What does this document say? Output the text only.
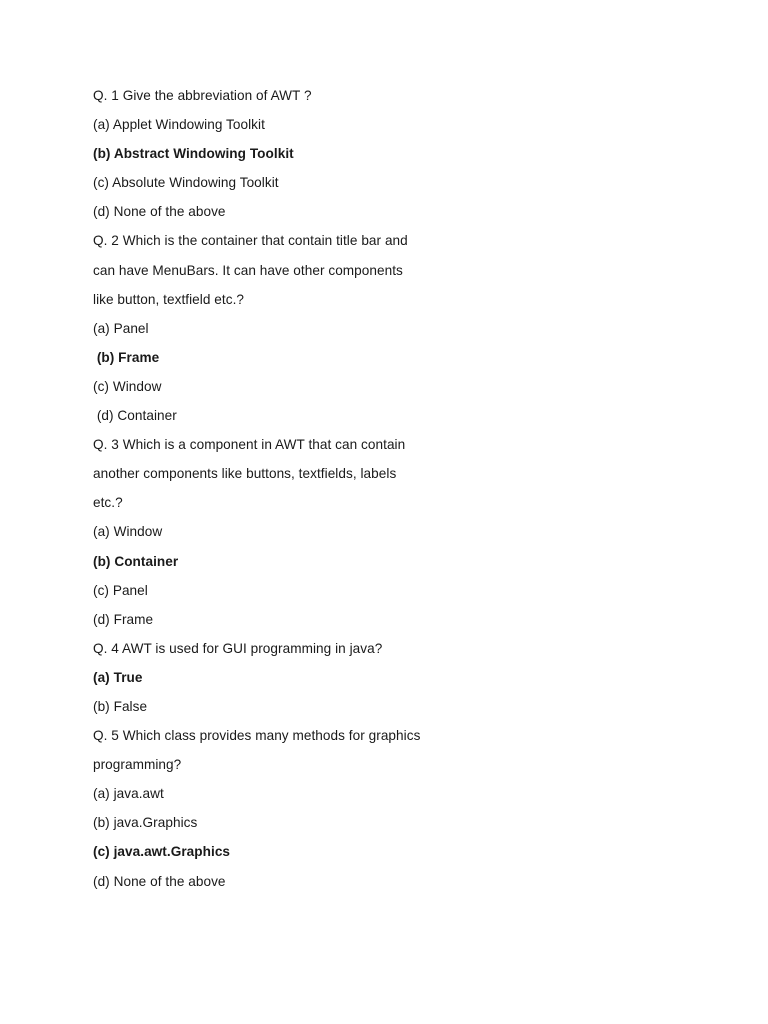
Q. 1 Give the abbreviation of AWT ?
(a) Applet Windowing Toolkit
(b) Abstract Windowing Toolkit
(c) Absolute Windowing Toolkit
(d) None of the above
Q. 2 Which is the container that contain title bar and
can have MenuBars. It can have other components
like button, textfield etc.?
(a) Panel
(b) Frame
(c) Window
(d) Container
Q. 3 Which is a component in AWT that can contain
another components like buttons, textfields, labels
etc.?
(a) Window
(b) Container
(c) Panel
(d) Frame
Q. 4 AWT is used for GUI programming in java?
(a) True
(b) False
Q. 5 Which class provides many methods for graphics
programming?
(a) java.awt
(b) java.Graphics
(c) java.awt.Graphics
(d) None of the above
